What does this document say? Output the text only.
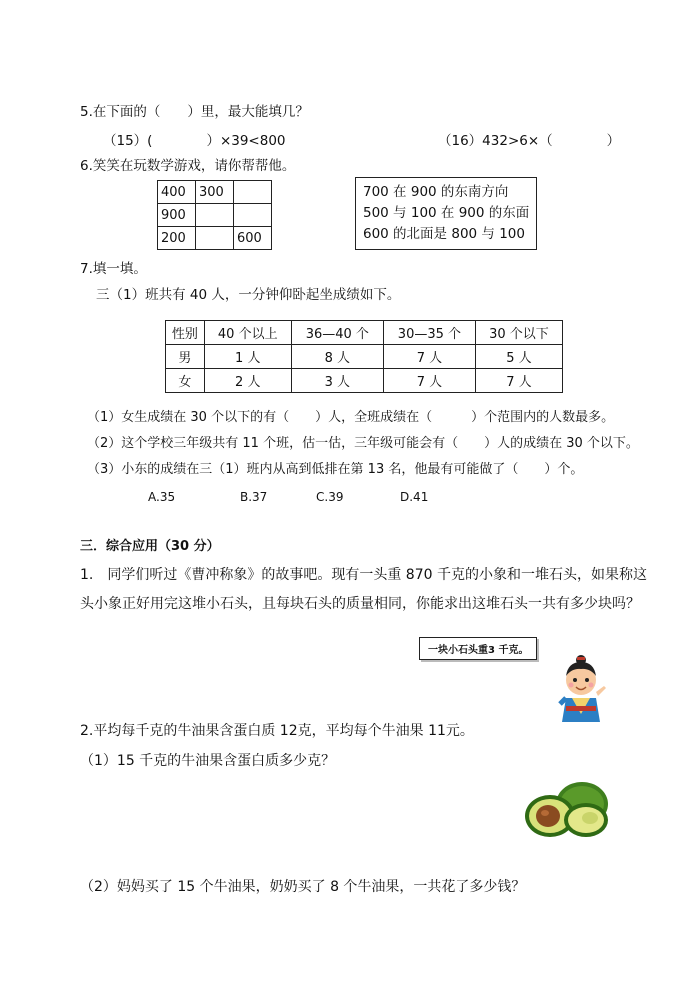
5.在下面的（　　）里，最大能填几？
（15）(　　　　）×39<800	（16）432>6×（　　　　）
6.笑笑在玩数学游戏，请你帮帮他。
400	300	
900		
200		600
700 在 900 的东南方向
500 与 100 在 900 的东面
600 的北面是 800 与 100
7.填一填。
三（1）班共有 40 人，一分钟仰卧起坐成绩如下。
性别	40 个以上	36—40 个	30—35 个	30 个以下
男	1 人	8 人	7 人	5 人
女	2 人	3 人	7 人	7 人
（1）女生成绩在 30 个以下的有（　　）人，全班成绩在（　　　）个范围内的人数最多。
（2）这个学校三年级共有 11 个班，估一估，三年级可能会有（　　）人的成绩在 30 个以下。
（3）小东的成绩在三（1）班内从高到低排在第 13 名，他最有可能做了（　　）个。
A.35	B.37	C.39	D.41
三．综合应用（30 分）
1.　同学们听过《曹冲称象》的故事吧。现有一头重 870 千克的小象和一堆石头，如果称这
头小象正好用完这堆小石头，且每块石头的质量相同，你能求出这堆石头一共有多少块吗？
一块小石头重3 千克。
2.平均每千克的牛油果含蛋白质 12克，平均每个牛油果 11元。
（1）15 千克的牛油果含蛋白质多少克？
（2）妈妈买了 15 个牛油果，奶奶买了 8 个牛油果，一共花了多少钱？
